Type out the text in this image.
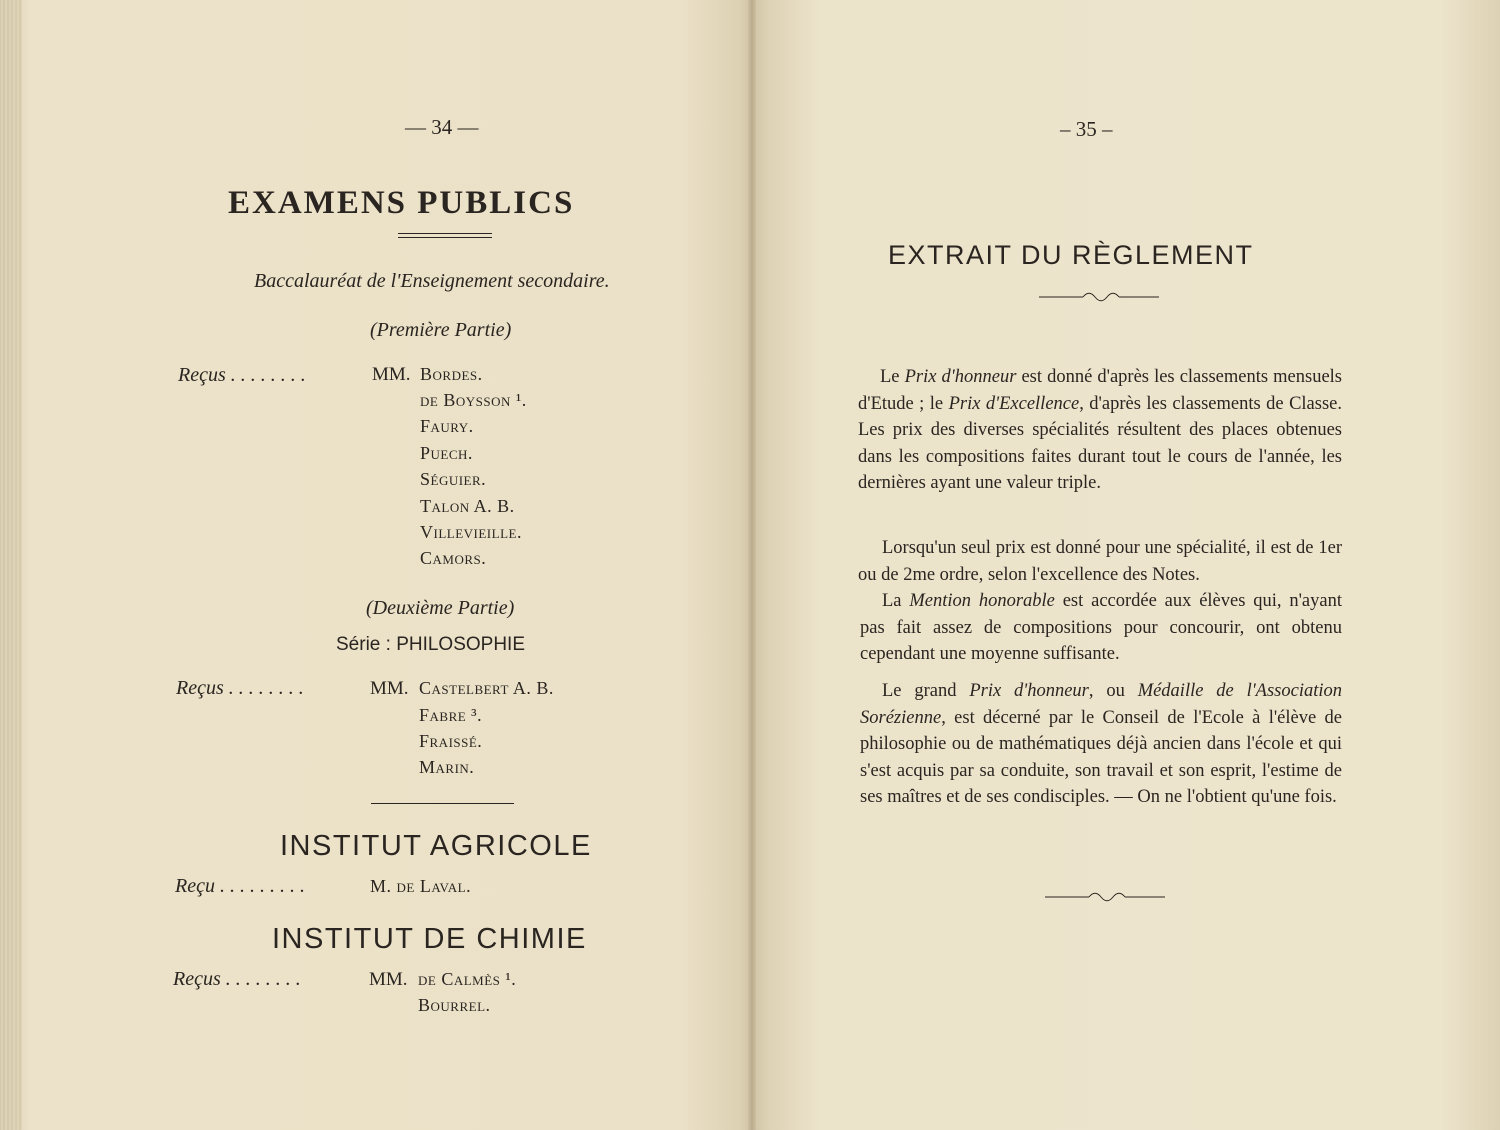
— 34 —
EXAMENS PUBLICS
Baccalauréat de l'Enseignement secondaire.
(Première Partie)
Reçus . . . . . . . .	MM. Bordes.
de Boysson ¹.
Faury.
Puech.
Séguier.
Talon A. B.
Villevieille.
Camors.
(Deuxième Partie)
Série : PHILOSOPHIE
Reçus . . . . . . . .	MM. Castelbert A. B.
Fabre ³.
Fraissé.
Marin.
INSTITUT AGRICOLE
Reçu . . . . . . . . .	M. de Laval.
INSTITUT DE CHIMIE
Reçus . . . . . . . .	MM. de Calmès ¹.
Bourrel.
– 35 –
EXTRAIT DU RÈGLEMENT
Le Prix d'honneur est donné d'après les classements mensuels d'Etude ; le Prix d'Excellence, d'après les classements de Classe. Les prix des diverses spécialités résultent des places obtenues dans les compositions faites durant tout le cours de l'année, les dernières ayant une valeur triple.
Lorsqu'un seul prix est donné pour une spécialité, il est de 1er ou de 2me ordre, selon l'excellence des Notes.
La Mention honorable est accordée aux élèves qui, n'ayant pas fait assez de compositions pour concourir, ont obtenu cependant une moyenne suffisante.
Le grand Prix d'honneur, ou Médaille de l'Association Sorézienne, est décerné par le Conseil de l'Ecole à l'élève de philosophie ou de mathématiques déjà ancien dans l'école et qui s'est acquis par sa conduite, son travail et son esprit, l'estime de ses maîtres et de ses condisciples. — On ne l'obtient qu'une fois.
